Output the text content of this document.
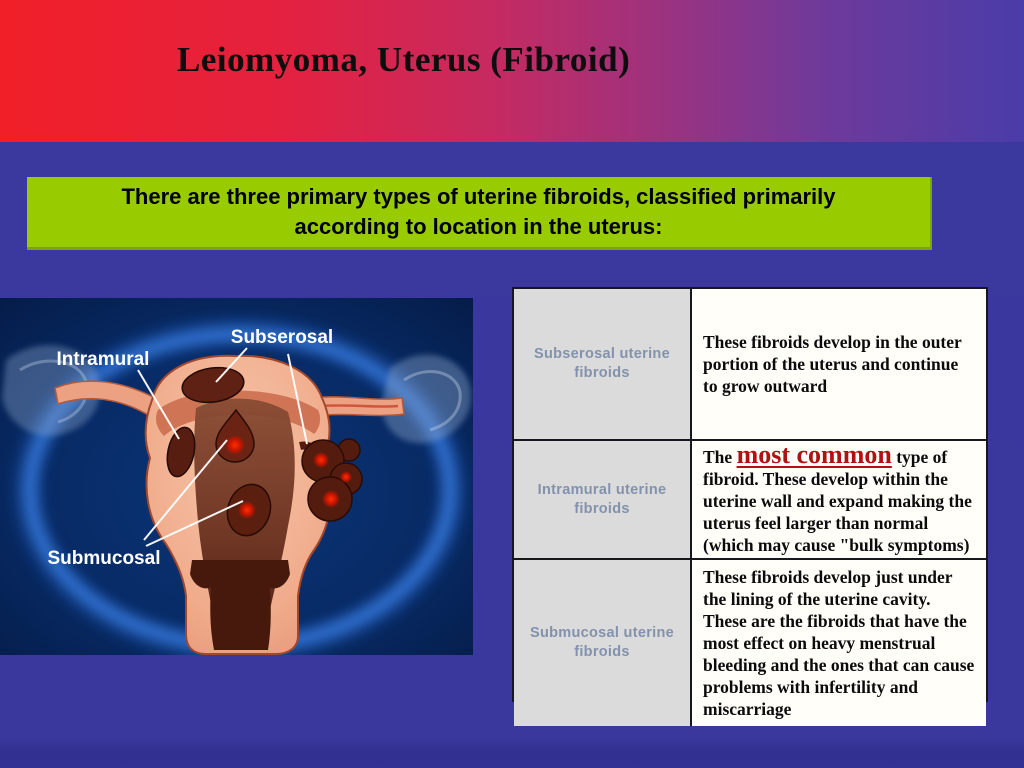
Leiomyoma, Uterus (Fibroid)
There are three primary types of uterine fibroids, classified primarily
according to location in the uterus:
Subserosal
Intramural
Submucosal
Subserosal uterine fibroids
These fibroids develop in the outer portion of the uterus and continue to grow outward
Intramural uterine fibroids
The most common type of fibroid. These develop within the uterine wall and expand making the uterus feel larger than normal (which may cause "bulk symptoms)
Submucosal uterine fibroids
These fibroids develop just under the lining of the uterine cavity. These are the fibroids that have the most effect on heavy menstrual bleeding and the ones that can cause problems with infertility and miscarriage
